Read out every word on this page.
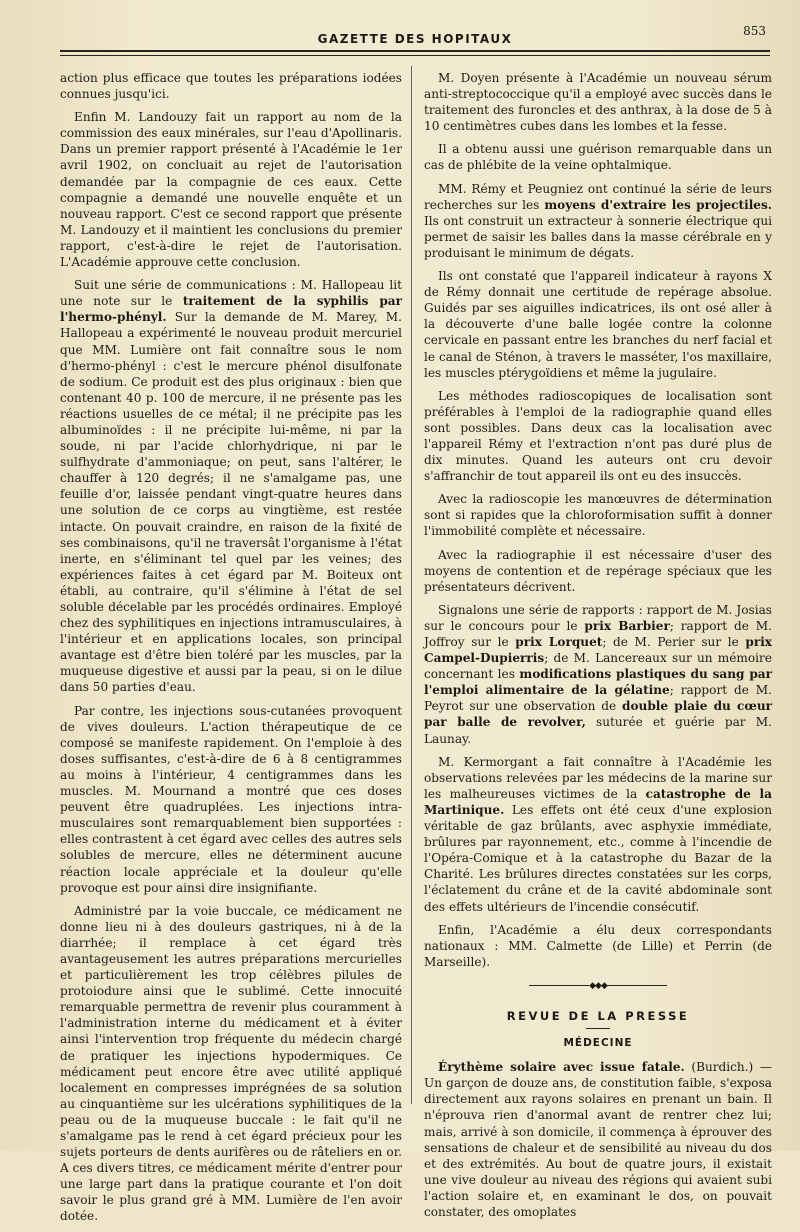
GAZETTE DES HOPITAUX
853

action plus efficace que toutes les préparations iodées connues jusqu'ici.

Enfin M. Landouzy fait un rapport au nom de la commission des eaux minérales, sur l'eau d'Apollinaris. Dans un premier rapport présenté à l'Académie le 1er avril 1902, on concluait au rejet de l'autorisation demandée par la compagnie de ces eaux. Cette compagnie a demandé une nouvelle enquête et un nouveau rapport. C'est ce second rapport que présente M. Landouzy et il maintient les conclusions du premier rapport, c'est-à-dire le rejet de l'autorisation. L'Académie approuve cette conclusion.

Suit une série de communications : M. Hallopeau lit une note sur le traitement de la syphilis par l'hermo-phényl. Sur la demande de M. Marey, M. Hallopeau a expérimenté le nouveau produit mercuriel que MM. Lumière ont fait connaître sous le nom d'hermo-phényl : c'est le mercure phénol disulfonate de sodium. Ce produit est des plus originaux : bien que contenant 40 p. 100 de mercure, il ne présente pas les réactions usuelles de ce métal; il ne précipite pas les albuminoïdes : il ne précipite lui-même, ni par la soude, ni par l'acide chlorhydrique, ni par le sulfhydrate d'ammoniaque; on peut, sans l'altérer, le chauffer à 120 degrés; il ne s'amalgame pas, une feuille d'or, laissée pendant vingt-quatre heures dans une solution de ce corps au vingtième, est restée intacte. On pouvait craindre, en raison de la fixité de ses combinaisons, qu'il ne traversât l'organisme à l'état inerte, en s'éliminant tel quel par les veines; des expériences faites à cet égard par M. Boiteux ont établi, au contraire, qu'il s'élimine à l'état de sel soluble décelable par les procédés ordinaires. Employé chez des syphilitiques en injections intramusculaires, à l'intérieur et en applications locales, son principal avantage est d'être bien toléré par les muscles, par la muqueuse digestive et aussi par la peau, si on le dilue dans 50 parties d'eau.

Par contre, les injections sous-cutanées provoquent de vives douleurs. L'action thérapeutique de ce composé se manifeste rapidement. On l'emploie à des doses suffisantes, c'est-à-dire de 6 à 8 centigrammes au moins à l'intérieur, 4 centigrammes dans les muscles. M. Mournand a montré que ces doses peuvent être quadruplées. Les injections intra-musculaires sont remarquablement bien supportées : elles contrastent à cet égard avec celles des autres sels solubles de mercure, elles ne déterminent aucune réaction locale appréciale et la douleur qu'elle provoque est pour ainsi dire insignifiante.

Administré par la voie buccale, ce médicament ne donne lieu ni à des douleurs gastriques, ni à de la diarrhée; il remplace à cet égard très avantageusement les autres préparations mercurielles et particulièrement les trop célèbres pilules de protoiodure ainsi que le sublimé. Cette innocuité remarquable permettra de revenir plus couramment à l'administration interne du médicament et à éviter ainsi l'intervention trop fréquente du médecin chargé de pratiquer les injections hypodermiques. Ce médicament peut encore être avec utilité appliqué localement en compresses imprégnées de sa solution au cinquantième sur les ulcérations syphilitiques de la peau ou de la muqueuse buccale : le fait qu'il ne s'amalgame pas le rend à cet égard précieux pour les sujets porteurs de dents aurifères ou de râteliers en or. A ces divers titres, ce médicament mérite d'entrer pour une large part dans la pratique courante et l'on doit savoir le plus grand gré à MM. Lumière de l'en avoir dotée.

M. Doyen présente à l'Académie un nouveau sérum anti-streptococcique qu'il a employé avec succès dans le traitement des furoncles et des anthrax, à la dose de 5 à 10 centimètres cubes dans les lombes et la fesse.

Il a obtenu aussi une guérison remarquable dans un cas de phlébite de la veine ophtalmique.

MM. Rémy et Peugniez ont continué la série de leurs recherches sur les moyens d'extraire les projectiles. Ils ont construit un extracteur à sonnerie électrique qui permet de saisir les balles dans la masse cérébrale en y produisant le minimum de dégats.

Ils ont constaté que l'appareil indicateur à rayons X de Rémy donnait une certitude de repérage absolue. Guidés par ses aiguilles indicatrices, ils ont osé aller à la découverte d'une balle logée contre la colonne cervicale en passant entre les branches du nerf facial et le canal de Sténon, à travers le masséter, l'os maxillaire, les muscles ptérygoïdiens et même la jugulaire.

Les méthodes radioscopiques de localisation sont préférables à l'emploi de la radiographie quand elles sont possibles. Dans deux cas la localisation avec l'appareil Rémy et l'extraction n'ont pas duré plus de dix minutes. Quand les auteurs ont cru devoir s'affranchir de tout appareil ils ont eu des insuccès.

Avec la radioscopie les manœuvres de détermination sont si rapides que la chloroformisation suffit à donner l'immobilité complète et nécessaire.

Avec la radiographie il est nécessaire d'user des moyens de contention et de repérage spéciaux que les présentateurs décrivent.

Signalons une série de rapports : rapport de M. Josias sur le concours pour le prix Barbier; rapport de M. Joffroy sur le prix Lorquet; de M. Perier sur le prix Campel-Dupierris; de M. Lancereaux sur un mémoire concernant les modifications plastiques du sang par l'emploi alimentaire de la gélatine; rapport de M. Peyrot sur une observation de double plaie du cœur par balle de revolver, suturée et guérie par M. Launay.

M. Kermorgant a fait connaître à l'Académie les observations relevées par les médecins de la marine sur les malheureuses victimes de la catastrophe de la Martinique. Les effets ont été ceux d'une explosion véritable de gaz brûlants, avec asphyxie immédiate, brûlures par rayonnement, etc., comme à l'incendie de l'Opéra-Comique et à la catastrophe du Bazar de la Charité. Les brûlures directes constatées sur les corps, l'éclatement du crâne et de la cavité abdominale sont des effets ultérieurs de l'incendie consécutif.

Enfin, l'Académie a élu deux correspondants nationaux : MM. Calmette (de Lille) et Perrin (de Marseille).

◆◆◆
REVUE DE LA PRESSE
MÉDECINE

Érythème solaire avec issue fatale. (Burdich.) — Un garçon de douze ans, de constitution faible, s'exposa directement aux rayons solaires en prenant un bain. Il n'éprouva rien d'anormal avant de rentrer chez lui; mais, arrivé à son domicile, il commença à éprouver des sensations de chaleur et de sensibilité au niveau du dos et des extrémités. Au bout de quatre jours, il existait une vive douleur au niveau des régions qui avaient subi l'action solaire et, en examinant le dos, on pouvait constater, des omoplates
